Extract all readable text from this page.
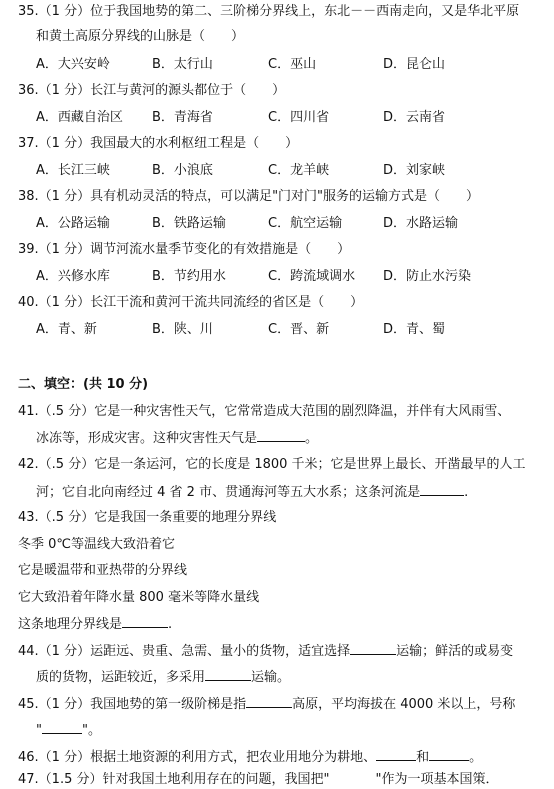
35.（1 分）位于我国地势的第二、三阶梯分界线上，东北－－西南走向，又是华北平原
和黄土高原分界线的山脉是（　　）
A．大兴安岭	B．太行山	C．巫山	D．昆仑山
36.（1 分）长江与黄河的源头都位于（　　）
A．西藏自治区 B．青海省	C．四川省	D．云南省
37.（1 分）我国最大的水利枢纽工程是（　　）
A．长江三峡	B．小浪底	C．龙羊峡	D．刘家峡
38.（1 分）具有机动灵活的特点，可以满足"门对门"服务的运输方式是（　　）
A．公路运输	B．铁路运输	C．航空运输	D．水路运输
39.（1 分）调节河流水量季节变化的有效措施是（　　）
A．兴修水库	B．节约用水	C．跨流域调水 D．防止水污染
40.（1 分）长江干流和黄河干流共同流经的省区是（　　）
A．青、新	B．陕、川	C．晋、新	D．青、蜀
二、填空：(共 10 分)
41.（.5 分）它是一种灾害性天气，它常常造成大范围的剧烈降温，并伴有大风雨雪、
冰冻等，形成灾害。这种灾害性天气是	。
42.（.5 分）它是一条运河，它的长度是 1800 千米；它是世界上最长、开凿最早的人工
河；它自北向南经过 4 省 2 市、贯通海河等五大水系；这条河流是	.
43.（.5 分）它是我国一条重要的地理分界线
冬季 0℃等温线大致沿着它
它是暖温带和亚热带的分界线
它大致沿着年降水量 800 毫米等降水量线
这条地理分界线是	.
44.（1 分）运距远、贵重、急需、量小的货物，适宜选择	运输；鲜活的或易变
质的货物，运距较近，多采用	运输。
45.（1 分）我国地势的第一级阶梯是指	高原，平均海拔在 4000 米以上，号称
"	"。
46.（1 分）根据土地资源的利用方式，把农业用地分为耕地、	和	。
47.（1.5 分）针对我国土地利用存在的问题，我国把"	"作为一项基本国策．
